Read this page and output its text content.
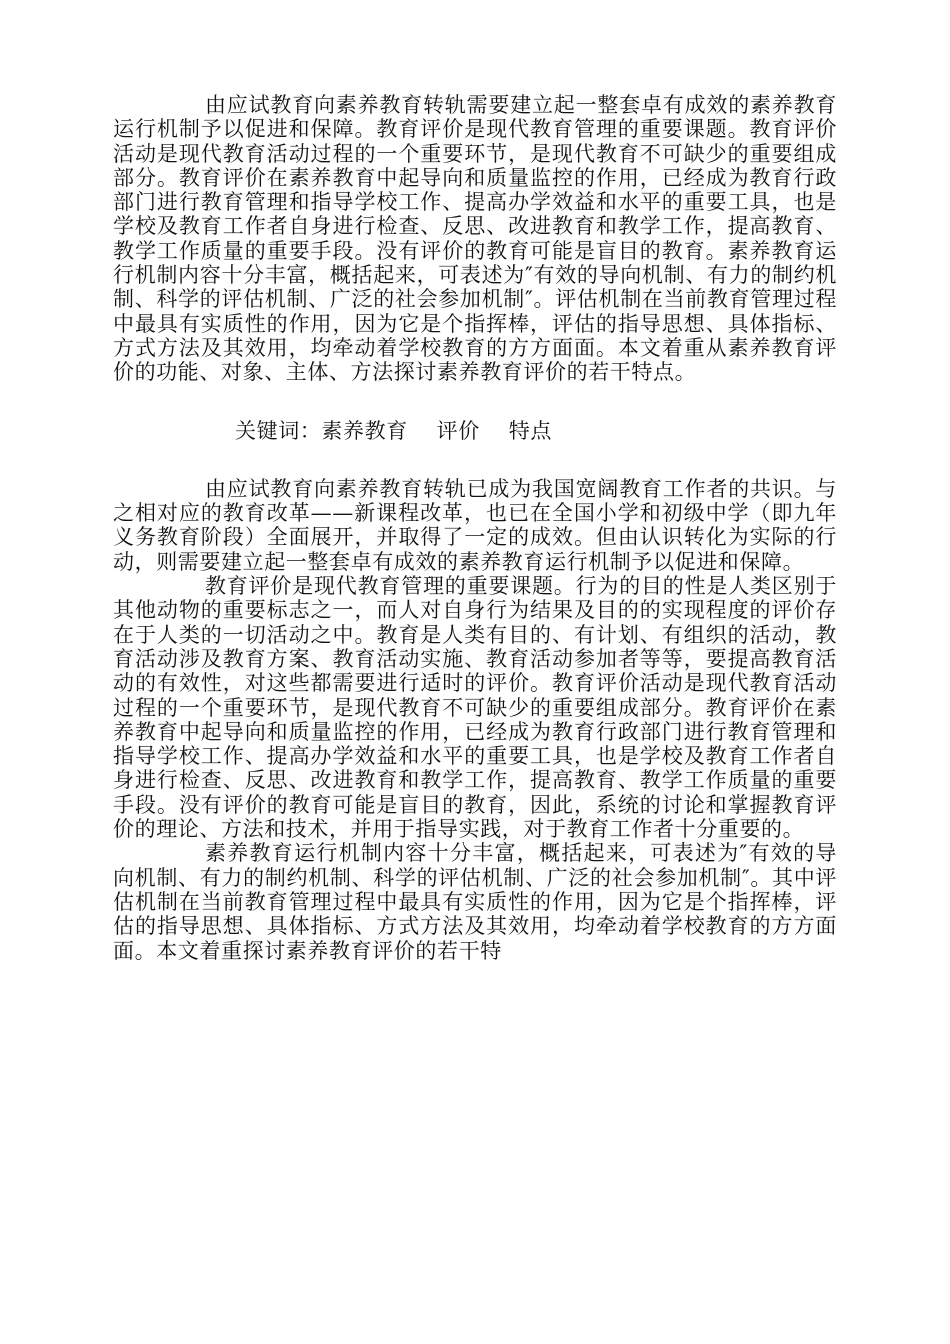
由应试教育向素养教育转轨需要建立起一整套卓有成效的素养教育运行机制予以促进和保障。教育评价是现代教育管理的重要课题。教育评价活动是现代教育活动过程的一个重要环节，是现代教育不可缺少的重要组成部分。教育评价在素养教育中起导向和质量监控的作用，已经成为教育行政部门进行教育管理和指导学校工作、提高办学效益和水平的重要工具，也是学校及教育工作者自身进行检查、反思、改进教育和教学工作，提高教育、教学工作质量的重要手段。没有评价的教育可能是盲目的教育。素养教育运行机制内容十分丰富，概括起来，可表述为″有效的导向机制、有力的制约机制、科学的评估机制、广泛的社会参加机制″。评估机制在当前教育管理过程中最具有实质性的作用，因为它是个指挥棒，评估的指导思想、具体指标、方式方法及其效用，均牵动着学校教育的方方面面。本文着重从素养教育评价的功能、对象、主体、方法探讨素养教育评价的若干特点。

关键词：素养教育　 评价　 特点

由应试教育向素养教育转轨已成为我国宽阔教育工作者的共识。与之相对应的教育改革——新课程改革，也已在全国小学和初级中学（即九年义务教育阶段）全面展开，并取得了一定的成效。但由认识转化为实际的行动，则需要建立起一整套卓有成效的素养教育运行机制予以促进和保障。

教育评价是现代教育管理的重要课题。行为的目的性是人类区别于其他动物的重要标志之一，而人对自身行为结果及目的的实现程度的评价存在于人类的一切活动之中。教育是人类有目的、有计划、有组织的活动，教育活动涉及教育方案、教育活动实施、教育活动参加者等等，要提高教育活动的有效性，对这些都需要进行适时的评价。教育评价活动是现代教育活动过程的一个重要环节，是现代教育不可缺少的重要组成部分。教育评价在素养教育中起导向和质量监控的作用，已经成为教育行政部门进行教育管理和指导学校工作、提高办学效益和水平的重要工具，也是学校及教育工作者自身进行检查、反思、改进教育和教学工作，提高教育、教学工作质量的重要手段。没有评价的教育可能是盲目的教育，因此，系统的讨论和掌握教育评价的理论、方法和技术，并用于指导实践，对于教育工作者十分重要的。

素养教育运行机制内容十分丰富，概括起来，可表述为″有效的导向机制、有力的制约机制、科学的评估机制、广泛的社会参加机制″。其中评估机制在当前教育管理过程中最具有实质性的作用，因为它是个指挥棒，评估的指导思想、具体指标、方式方法及其效用，均牵动着学校教育的方方面面。本文着重探讨素养教育评价的若干特
